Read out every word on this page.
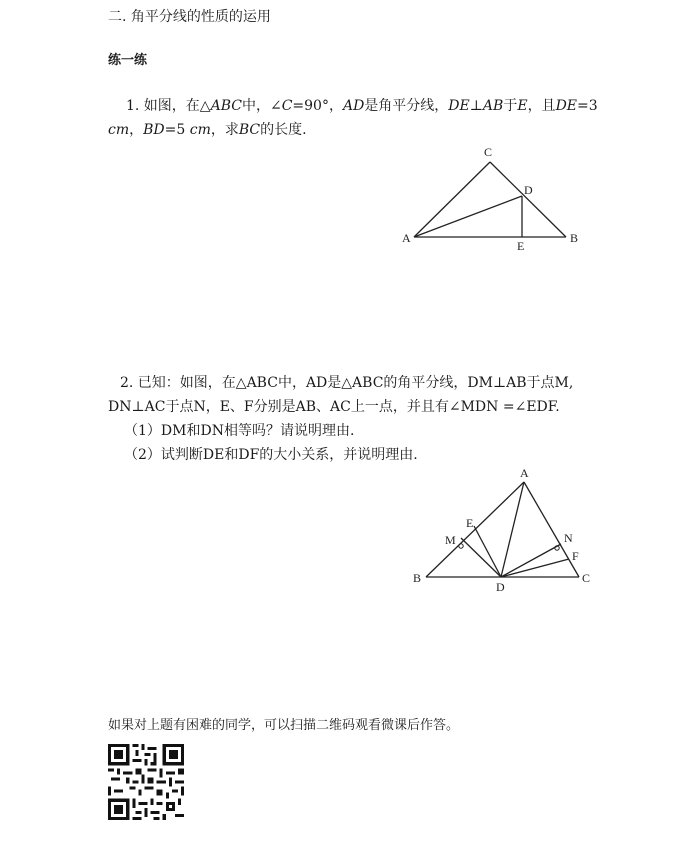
二. 角平分线的性质的运用
练一练
1. 如图，在△ABC中，∠C=90°，AD是角平分线，DE⊥AB于E，且DE=3
cm，BD=5 cm，求BC的长度.
C
D
A	B
E
A
E
M	N
F
B
D
C
2. 已知：如图，在△ABC中，AD是△ABC的角平分线，DM⊥AB于点M,
DN⊥AC于点N，E、F分别是AB、AC上一点，并且有∠MDN =∠EDF.
（1）DM和DN相等吗？请说明理由.
（2）试判断DE和DF的大小关系，并说明理由.
如果对上题有困难的同学，可以扫描二维码观看微课后作答。
